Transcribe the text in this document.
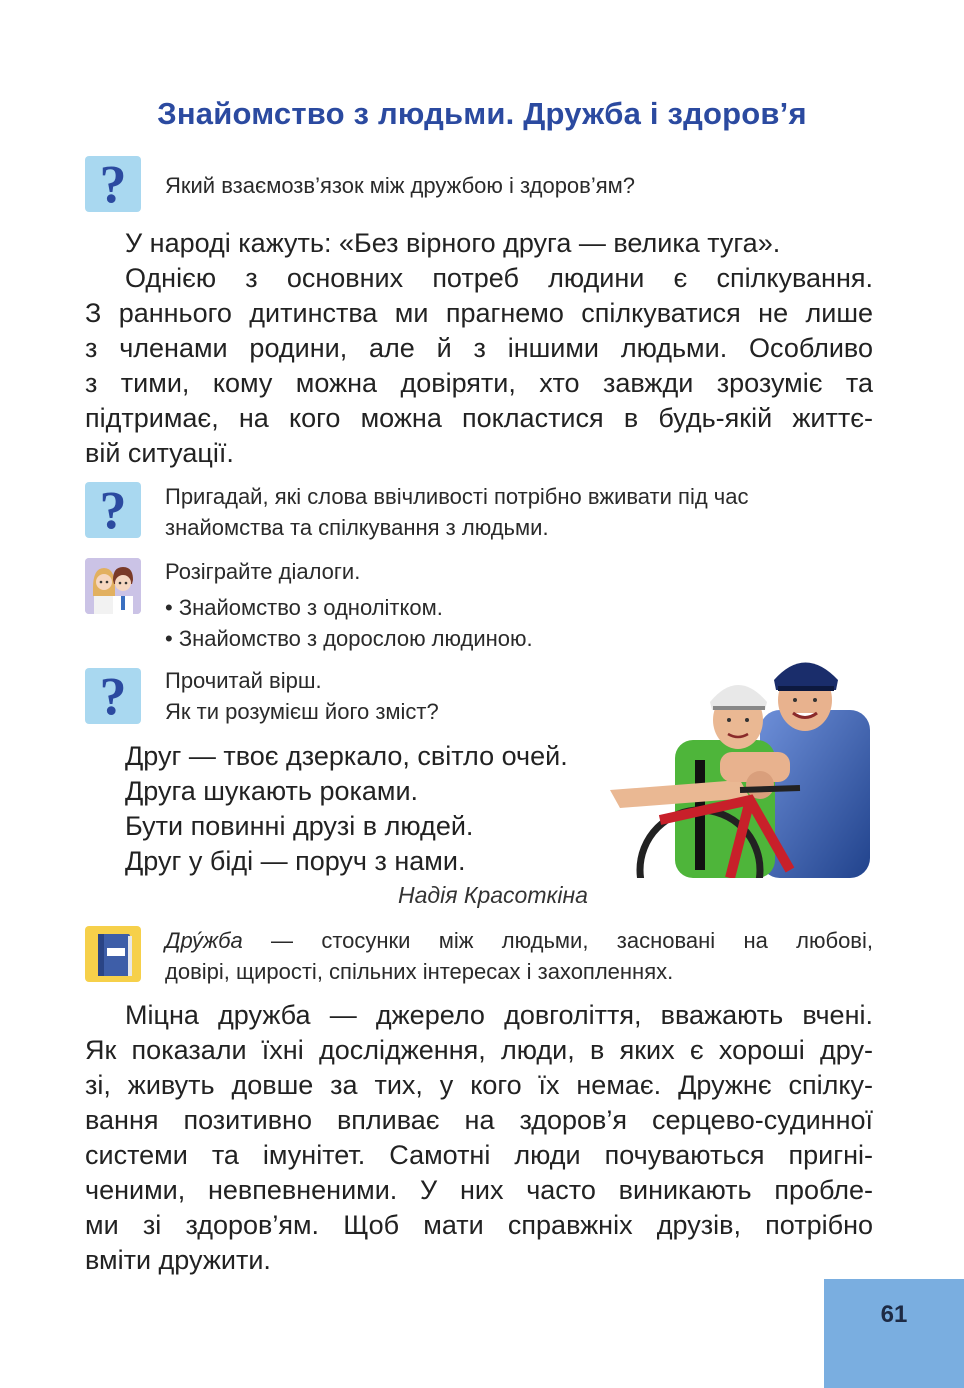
Знайомство з людьми. Дружба і здоров’я
? Який взаємозв’язок між дружбою і здоров’ям?
У народі кажуть: «Без вірного друга — велика туга».
Однією з основних потреб людини є спілкування.
З раннього дитинства ми прагнемо спілкуватися не лише
з членами родини, але й з іншими людьми. Особливо
з тими, кому можна довіряти, хто завжди зрозуміє та
підтримає, на кого можна покластися в будь-якій життє-
вій ситуації.
? Пригадай, які слова ввічливості потрібно вживати під час
знайомства та спілкування з людьми.
Розіграйте діалоги.
• Знайомство з однолітком.
• Знайомство з дорослою людиною.
? Прочитай вірш.
Як ти розумієш його зміст?
Друг — твоє дзеркало, світло очей.
Друга шукають роками.
Бути повинні друзі в людей.
Друг у біді — поруч з нами.
Надія Красоткіна
Дру́жба — стосунки між людьми, засновані на любові,
довірі, щирості, спільних інтересах і захопленнях.
Міцна дружба — джерело довголіття, вважають вчені.
Як показали їхні дослідження, люди, в яких є хороші дру-
зі, живуть довше за тих, у кого їх немає. Дружнє спілку-
вання позитивно впливає на здоров’я серцево-судинної
системи та імунітет. Самотні люди почуваються пригні-
ченими, невпевненими. У них часто виникають пробле-
ми зі здоров’ям. Щоб мати справжніх друзів, потрібно
вміти дружити.
61
